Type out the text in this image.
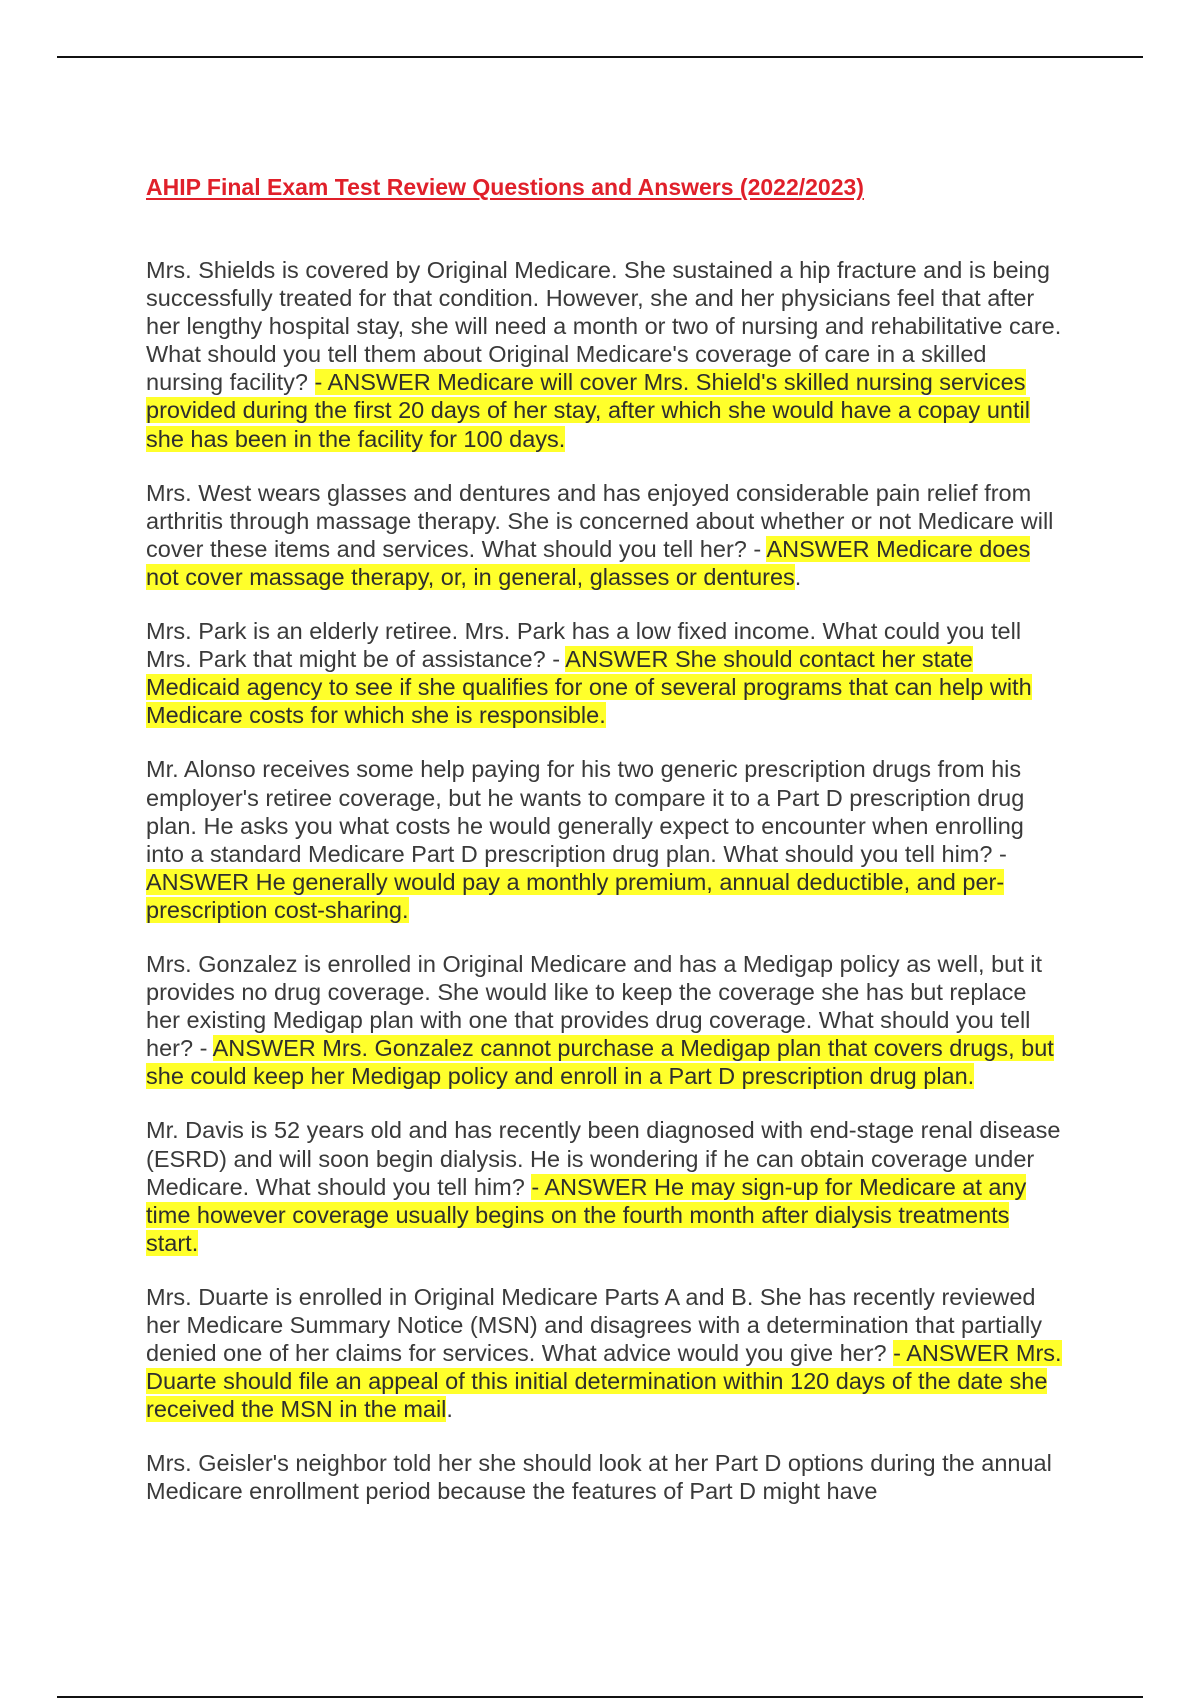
AHIP Final Exam Test Review Questions and Answers (2022/2023)

Mrs. Shields is covered by Original Medicare. She sustained a hip fracture and is being successfully treated for that condition. However, she and her physicians feel that after her lengthy hospital stay, she will need a month or two of nursing and rehabilitative care. What should you tell them about Original Medicare's coverage of care in a skilled nursing facility? - ANSWER Medicare will cover Mrs. Shield's skilled nursing services provided during the first 20 days of her stay, after which she would have a copay until she has been in the facility for 100 days.

Mrs. West wears glasses and dentures and has enjoyed considerable pain relief from arthritis through massage therapy. She is concerned about whether or not Medicare will cover these items and services. What should you tell her? - ANSWER Medicare does not cover massage therapy, or, in general, glasses or dentures.

Mrs. Park is an elderly retiree. Mrs. Park has a low fixed income. What could you tell Mrs. Park that might be of assistance? - ANSWER She should contact her state Medicaid agency to see if she qualifies for one of several programs that can help with Medicare costs for which she is responsible.

Mr. Alonso receives some help paying for his two generic prescription drugs from his employer's retiree coverage, but he wants to compare it to a Part D prescription drug plan. He asks you what costs he would generally expect to encounter when enrolling into a standard Medicare Part D prescription drug plan. What should you tell him? - ANSWER He generally would pay a monthly premium, annual deductible, and per-prescription cost-sharing.

Mrs. Gonzalez is enrolled in Original Medicare and has a Medigap policy as well, but it provides no drug coverage. She would like to keep the coverage she has but replace her existing Medigap plan with one that provides drug coverage. What should you tell her? - ANSWER Mrs. Gonzalez cannot purchase a Medigap plan that covers drugs, but she could keep her Medigap policy and enroll in a Part D prescription drug plan.

Mr. Davis is 52 years old and has recently been diagnosed with end-stage renal disease (ESRD) and will soon begin dialysis. He is wondering if he can obtain coverage under Medicare. What should you tell him? - ANSWER He may sign-up for Medicare at any time however coverage usually begins on the fourth month after dialysis treatments start.

Mrs. Duarte is enrolled in Original Medicare Parts A and B. She has recently reviewed her Medicare Summary Notice (MSN) and disagrees with a determination that partially denied one of her claims for services. What advice would you give her? - ANSWER Mrs. Duarte should file an appeal of this initial determination within 120 days of the date she received the MSN in the mail.

Mrs. Geisler's neighbor told her she should look at her Part D options during the annual Medicare enrollment period because the features of Part D might have
